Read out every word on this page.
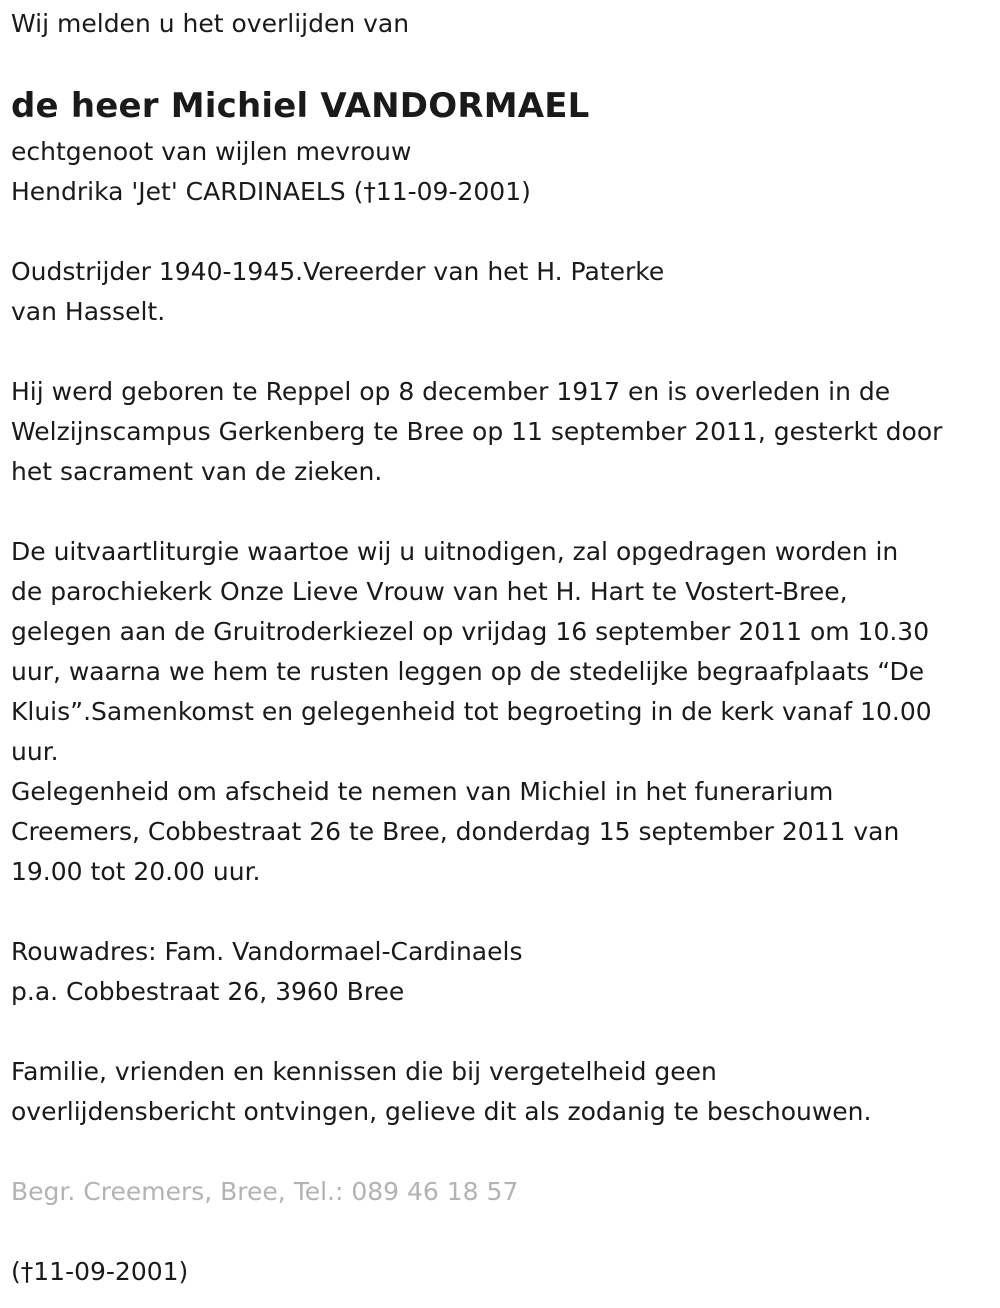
Wij melden u het overlijden van
de heer Michiel VANDORMAEL
echtgenoot van wijlen mevrouw
Hendrika 'Jet' CARDINAELS (†11-09-2001)
Oudstrijder 1940-1945.Vereerder van het H. Paterke
van Hasselt.
Hij werd geboren te Reppel op 8 december 1917 en is overleden in de
Welzijnscampus Gerkenberg te Bree op 11 september 2011, gesterkt door
het sacrament van de zieken.
De uitvaartliturgie waartoe wij u uitnodigen, zal opgedragen worden in
de parochiekerk Onze Lieve Vrouw van het H. Hart te Vostert-Bree,
gelegen aan de Gruitroderkiezel op vrijdag 16 september 2011 om 10.30
uur, waarna we hem te rusten leggen op de stedelijke begraafplaats “De
Kluis”.Samenkomst en gelegenheid tot begroeting in de kerk vanaf 10.00
uur.
Gelegenheid om afscheid te nemen van Michiel in het funerarium
Creemers, Cobbestraat 26 te Bree, donderdag 15 september 2011 van
19.00 tot 20.00 uur.
Rouwadres: Fam. Vandormael-Cardinaels
p.a. Cobbestraat 26, 3960 Bree
Familie, vrienden en kennissen die bij vergetelheid geen
overlijdensbericht ontvingen, gelieve dit als zodanig te beschouwen.
Begr. Creemers, Bree, Tel.: 089 46 18 57
(†11-09-2001)
